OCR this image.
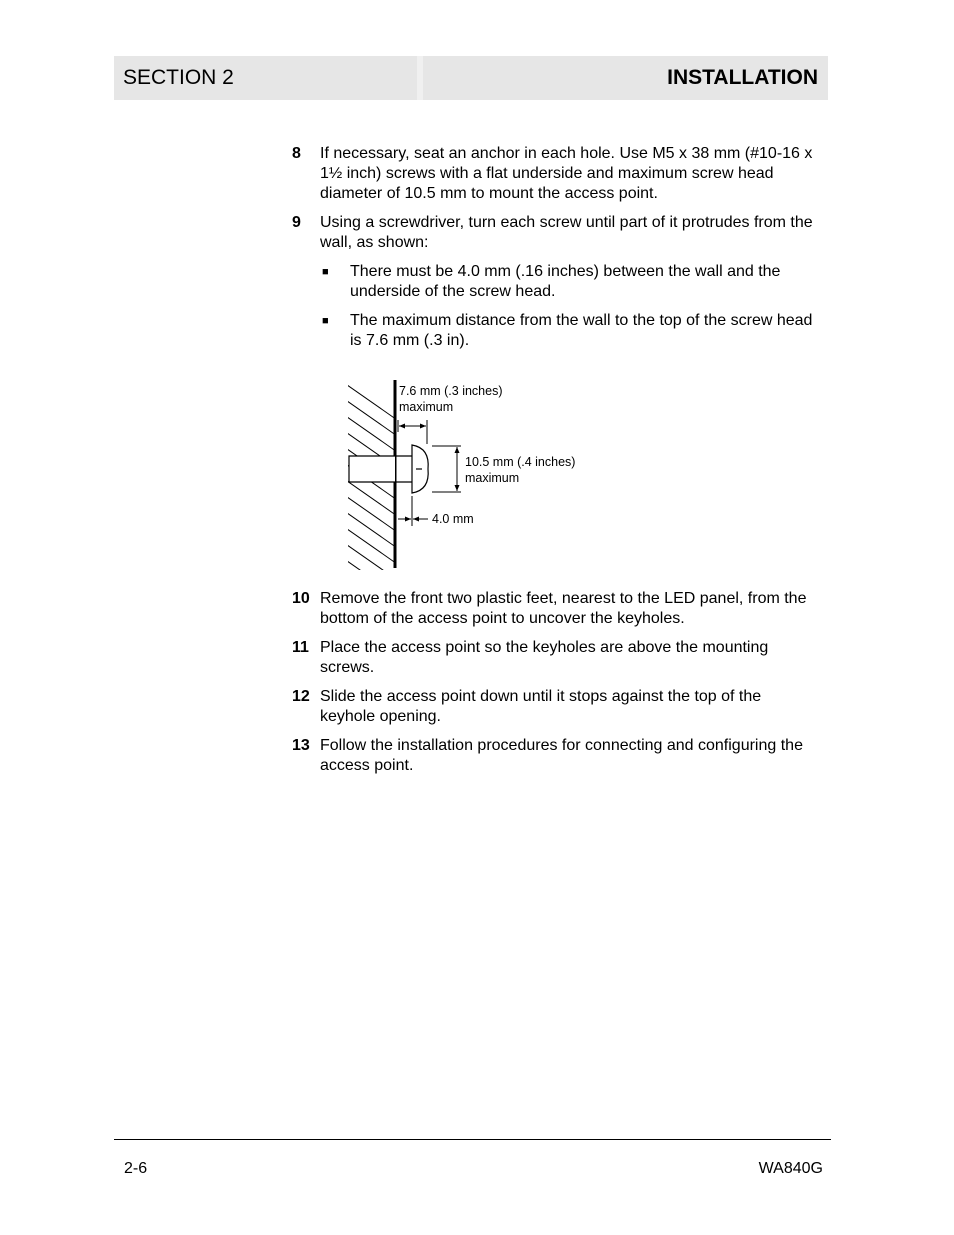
SECTION 2	INSTALLATION
8	If necessary, seat an anchor in each hole. Use M5 x 38 mm (#10-16 x 1½ inch) screws with a flat underside and maximum screw head diameter of 10.5 mm to mount the access point.
9	Using a screwdriver, turn each screw until part of it protrudes from the wall, as shown:
■	There must be 4.0 mm (.16 inches) between the wall and the underside of the screw head.
■	The maximum distance from the wall to the top of the screw head is 7.6 mm (.3 in).
7.6 mm (.3 inches)
maximum
10.5 mm (.4 inches)
maximum
4.0 mm
10 Remove the front two plastic feet, nearest to the LED panel, from the bottom of the access point to uncover the keyholes.
11 Place the access point so the keyholes are above the mounting screws.
12 Slide the access point down until it stops against the top of the keyhole opening.
13 Follow the installation procedures for connecting and configuring the access point.
2-6	WA840G
